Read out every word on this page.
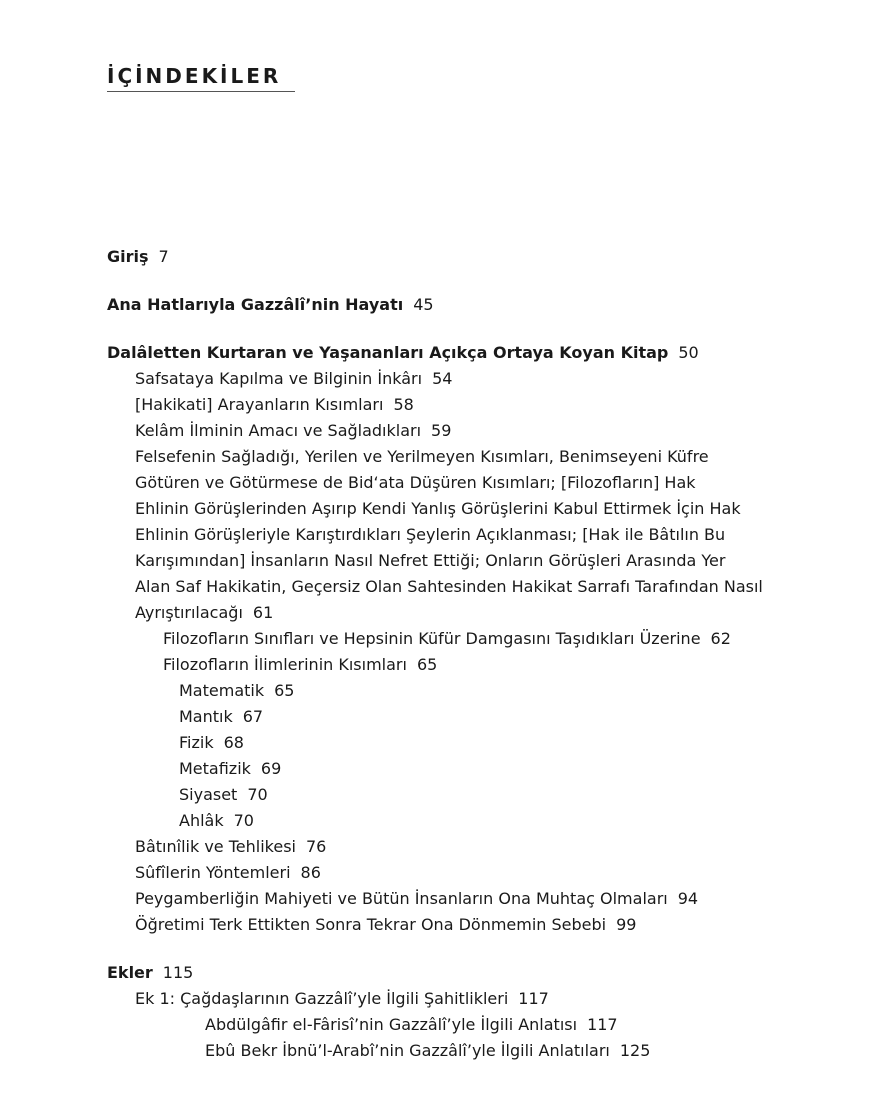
İÇİNDEKİLER
Giriş 7
Ana Hatlarıyla Gazzâlî’nin Hayatı 45
Dalâletten Kurtaran ve Yaşananları Açıkça Ortaya Koyan Kitap 50
Safsataya Kapılma ve Bilginin İnkârı 54
[Hakikati] Arayanların Kısımları 58
Kelâm İlminin Amacı ve Sağladıkları 59
Felsefenin Sağladığı, Yerilen ve Yerilmeyen Kısımları, Benimseyeni Küfre
Götüren ve Götürmese de Bid‘ata Düşüren Kısımları; [Filozofların] Hak
Ehlinin Görüşlerinden Aşırıp Kendi Yanlış Görüşlerini Kabul Ettirmek İçin Hak
Ehlinin Görüşleriyle Karıştırdıkları Şeylerin Açıklanması; [Hak ile Bâtılın Bu
Karışımından] İnsanların Nasıl Nefret Ettiği; Onların Görüşleri Arasında Yer
Alan Saf Hakikatin, Geçersiz Olan Sahtesinden Hakikat Sarrafı Tarafından Nasıl
Ayrıştırılacağı 61
Filozofların Sınıfları ve Hepsinin Küfür Damgasını Taşıdıkları Üzerine 62
Filozofların İlimlerinin Kısımları 65
Matematik 65
Mantık 67
Fizik 68
Metafizik 69
Siyaset 70
Ahlâk 70
Bâtınîlik ve Tehlikesi 76
Sûfîlerin Yöntemleri 86
Peygamberliğin Mahiyeti ve Bütün İnsanların Ona Muhtaç Olmaları 94
Öğretimi Terk Ettikten Sonra Tekrar Ona Dönmemin Sebebi 99
Ekler 115
Ek 1: Çağdaşlarının Gazzâlî’yle İlgili Şahitlikleri 117
Abdülgâfir el-Fârisî’nin Gazzâlî’yle İlgili Anlatısı 117
Ebû Bekr İbnü’l-Arabî’nin Gazzâlî’yle İlgili Anlatıları 125
